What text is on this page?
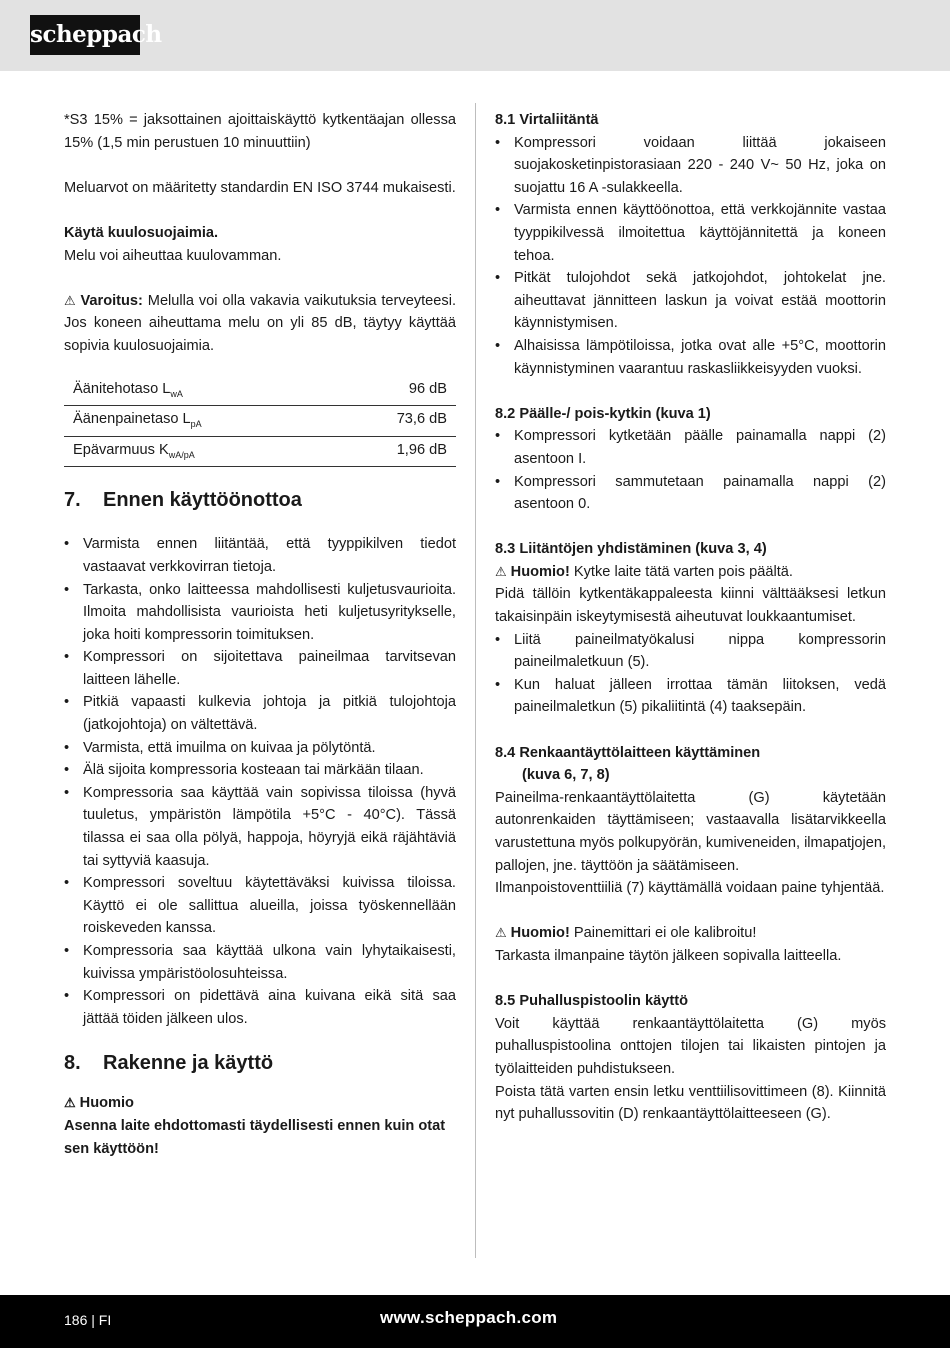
scheppach

*S3 15% = jaksottainen ajoittaiskäyttö kytkentäajan ollessa 15% (1,5 min perustuen 10 minuuttiin)

Meluarvot on määritetty standardin EN ISO 3744 mukaisesti.

Käytä kuulosuojaimia.

Melu voi aiheuttaa kuulovamman.

⚠ Varoitus: Melulla voi olla vakavia vaikutuksia terveyteesi. Jos koneen aiheuttama melu on yli 85 dB, täytyy käyttää sopivia kuulosuojaimia.

Äänitehotaso $L_{wA}$	96 dB
Äänenpainetaso $L_{pA}$	73,6 dB
Epävarmuus $K_{wA/pA}$	1,96 dB
7. Ennen käyttöönottoa
• Varmista ennen liitäntää, että tyyppikilven tiedot vastaavat verkkovirran tietoja.
• Tarkasta, onko laitteessa mahdollisesti kuljetusvaurioita. Ilmoita mahdollisista vaurioista heti kuljetusyritykselle, joka hoiti kompressorin toimituksen.
• Kompressori on sijoitettava paineilmaa tarvitsevan laitteen lähelle.
• Pitkiä vapaasti kulkevia johtoja ja pitkiä tulojohtoja (jatkojohtoja) on vältettävä.
• Varmista, että imuilma on kuivaa ja pölytöntä.
• Älä sijoita kompressoria kosteaan tai märkään tilaan.
• Kompressoria saa käyttää vain sopivissa tiloissa (hyvä tuuletus, ympäristön lämpötila +5°C - 40°C). Tässä tilassa ei saa olla pölyä, happoja, höyryjä eikä räjähtäviä tai syttyviä kaasuja.
• Kompressori soveltuu käytettäväksi kuivissa tiloissa. Käyttö ei ole sallittua alueilla, joissa työskennellään roiskeveden kanssa.
• Kompressoria saa käyttää ulkona vain lyhytaikaisesti, kuivissa ympäristöolosuhteissa.
• Kompressori on pidettävä aina kuivana eikä sitä saa jättää töiden jälkeen ulos.
8. Rakenne ja käyttö

⚠ Huomio

Asenna laite ehdottomasti täydellisesti ennen kuin otat sen käyttöön!

8.1 Virtaliitäntä

• Kompressori voidaan liittää jokaiseen suojakosketinpistorasiaan 220 - 240 V~ 50 Hz, joka on suojattu 16 A -sulakkeella.
• Varmista ennen käyttöönottoa, että verkkojännite vastaa tyyppikilvessä ilmoitettua käyttöjännitettä ja koneen tehoa.
• Pitkät tulojohdot sekä jatkojohdot, johtokelat jne. aiheuttavat jännitteen laskun ja voivat estää moottorin käynnistymisen.
• Alhaisissa lämpötiloissa, jotka ovat alle +5°C, moottorin käynnistyminen vaarantuu raskasliikkeisyyden vuoksi.

8.2 Päälle-/ pois-kytkin (kuva 1)

• Kompressori kytketään päälle painamalla nappi (2) asentoon I.
• Kompressori sammutetaan painamalla nappi (2) asentoon 0.

8.3 Liitäntöjen yhdistäminen (kuva 3, 4)

⚠ Huomio! Kytke laite tätä varten pois päältä.

Pidä tällöin kytkentäkappaleesta kiinni välttääksesi letkun takaisinpäin iskeytymisestä aiheutuvat loukkaantumiset.

• Liitä paineilmatyökalusi nippa kompressorin paineilmaletkuun (5).
• Kun haluat jälleen irrottaa tämän liitoksen, vedä paineilmaletkun (5) pikaliitintä (4) taaksepäin.

8.4 Renkaantäyttölaitteen käyttäminen

(kuva 6, 7, 8)

Paineilma-renkaantäyttölaitetta (G) käytetään autonrenkaiden täyttämiseen; vastaavalla lisätarvikkeella varustettuna myös polkupyörän, kumiveneiden, ilmapatjojen, pallojen, jne. täyttöön ja säätämiseen.

Ilmanpoistoventtiiliä (7) käyttämällä voidaan paine tyhjentää.

⚠ Huomio! Painemittari ei ole kalibroitu!

Tarkasta ilmanpaine täytön jälkeen sopivalla laitteella.

8.5 Puhalluspistoolin käyttö

Voit käyttää renkaantäyttölaitetta (G) myös puhalluspistoolina onttojen tilojen tai likaisten pintojen ja työlaitteiden puhdistukseen.

Poista tätä varten ensin letku venttiilisovittimeen (8). Kiinnitä nyt puhallussovitin (D) renkaantäyttölaitteeseen (G).

186 | FI	www.scheppach.com
